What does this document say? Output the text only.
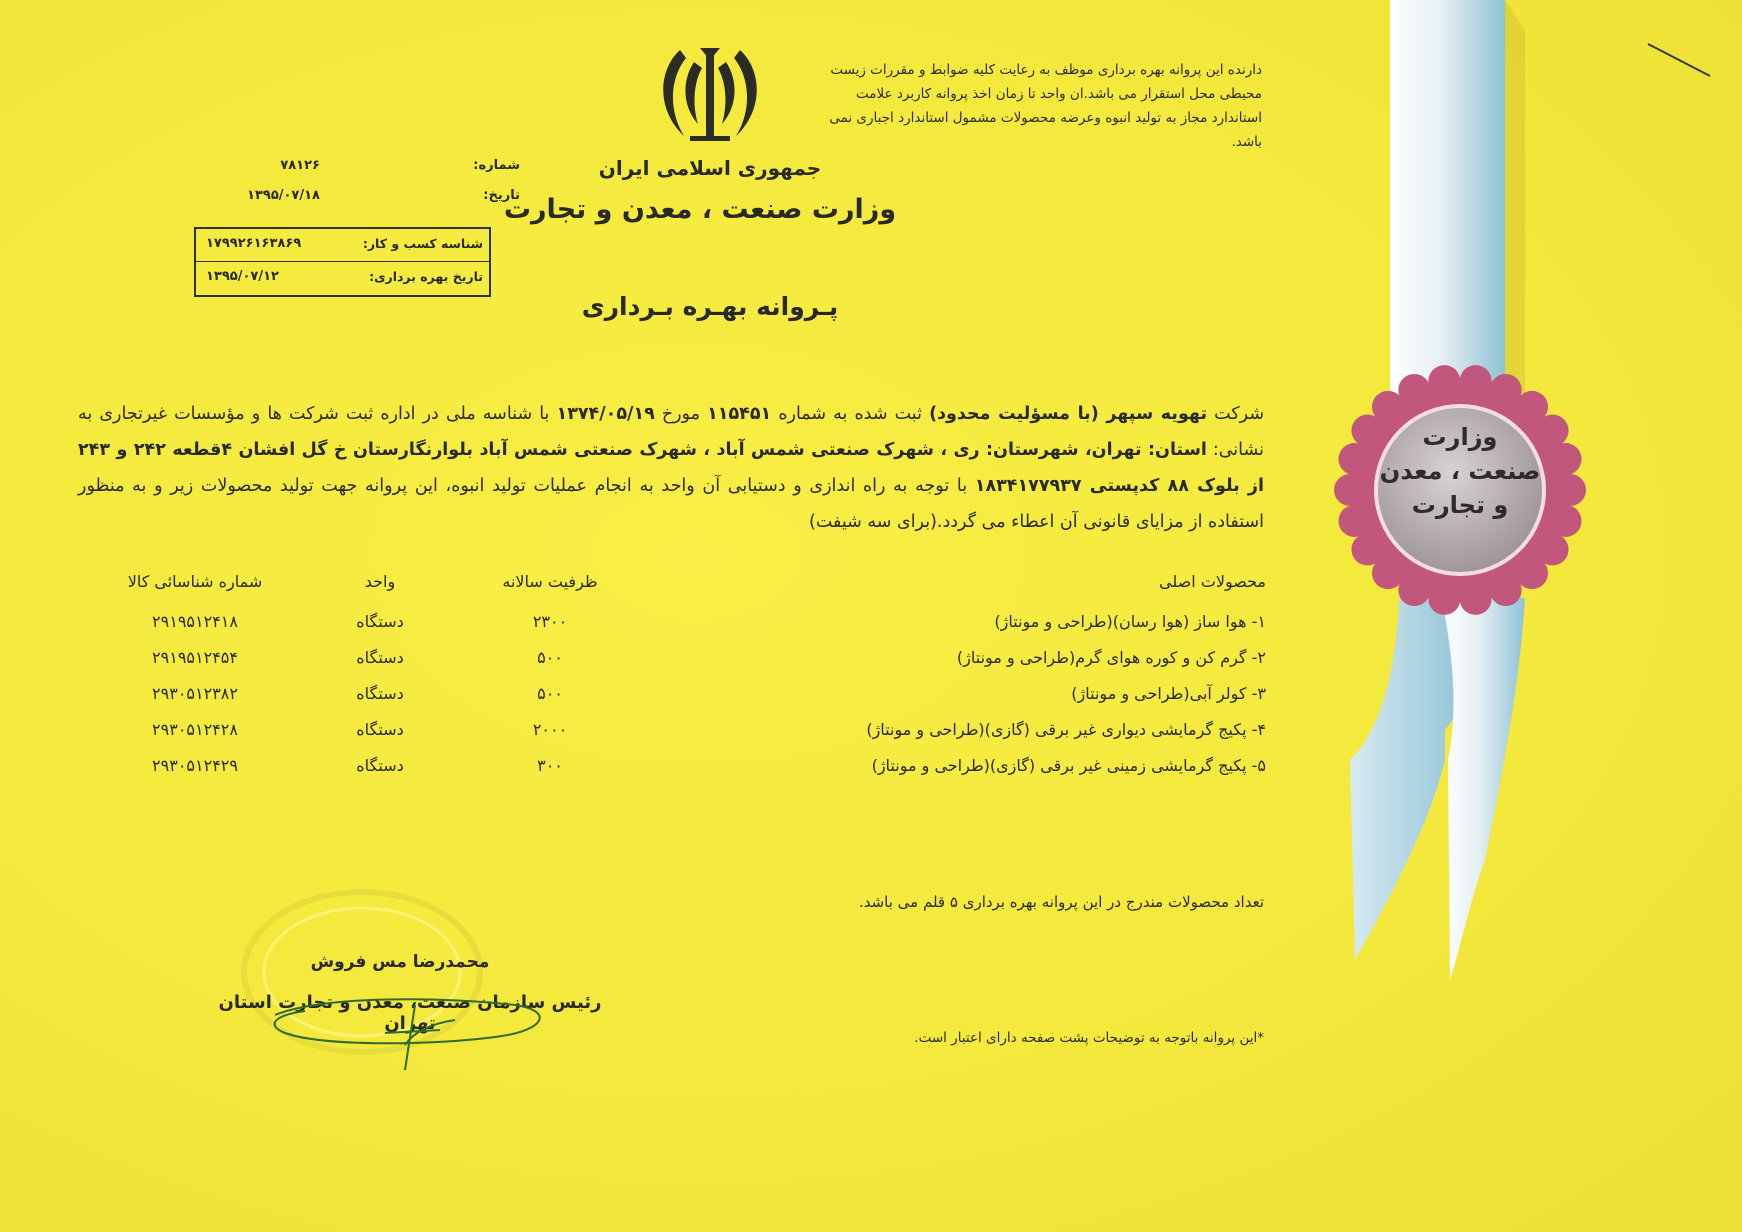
وزارت
صنعت ، معدن
و تجارت
دارنده این پروانه بهره برداری موظف به رعایت کلیه ضوابط و مقررات زیست محیطی محل استقرار می باشد.ان واحد تا زمان اخذ پروانه کاربرد علامت استاندارد مجاز به تولید انبوه وعرضه محصولات مشمول استاندارد اجباری نمی باشد.
جمهوری اسلامی ایران
وزارت صنعت ، معدن و تجارت
پـروانه بهـره بـرداری
شماره:
۷۸۱۲۶
تاریخ:
۱۳۹۵/۰۷/۱۸
شناسه کسب و کار:
۱۷۹۹۲۶۱۶۳۸۶۹
تاریخ بهره برداری:
۱۳۹۵/۰۷/۱۲
شرکت تهویه سپهر (با مسؤلیت محدود) ثبت شده به شماره ۱۱۵۴۵۱ مورخ ۱۳۷۴/۰۵/۱۹ با شناسه ملی در اداره ثبت شرکت ها و مؤسسات غیرتجاری به نشانی: استان: تهران، شهرستان: ری ، شهرک صنعتی شمس آباد ، شهرک صنعتی شمس آباد بلوارنگارستان خ گل افشان ۴قطعه ۲۴۲ و ۲۴۳ از بلوک ۸۸ کدپستی ۱۸۳۴۱۷۷۹۳۷ با توجه به راه اندازی و دستیابی آن واحد به انجام عملیات تولید انبوه، این پروانه جهت تولید محصولات زیر و به منظور استفاده از مزایای قانونی آن اعطاء می گردد.(برای سه شیفت)
محصولات اصلی
ظرفیت سالانه
واحد
شماره شناسائی کالا
۱- هوا ساز (هوا رسان)(طراحی و مونتاژ)
۲۳۰۰
دستگاه
۲۹۱۹۵۱۲۴۱۸
۲- گرم کن و کوره هوای گرم(طراحی و مونتاژ)
۵۰۰
دستگاه
۲۹۱۹۵۱۲۴۵۴
۳- کولر آبی(طراحی و مونتاژ)
۵۰۰
دستگاه
۲۹۳۰۵۱۲۳۸۲
۴- پکیج گرمایشی دیواری غیر برقی (گازی)(طراحی و مونتاژ)
۲۰۰۰
دستگاه
۲۹۳۰۵۱۲۴۲۸
۵- پکیج گرمایشی زمینی غیر برقی (گازی)(طراحی و مونتاژ)
۳۰۰
دستگاه
۲۹۳۰۵۱۲۴۲۹
تعداد محصولات مندرج در این پروانه بهره برداری ۵ قلم می باشد.
*این پروانه باتوجه به توضیحات پشت صفحه دارای اعتبار است.
محمدرضا مس فروش
رئیس سازمان صنعت، معدن و تجارت استان تهران
